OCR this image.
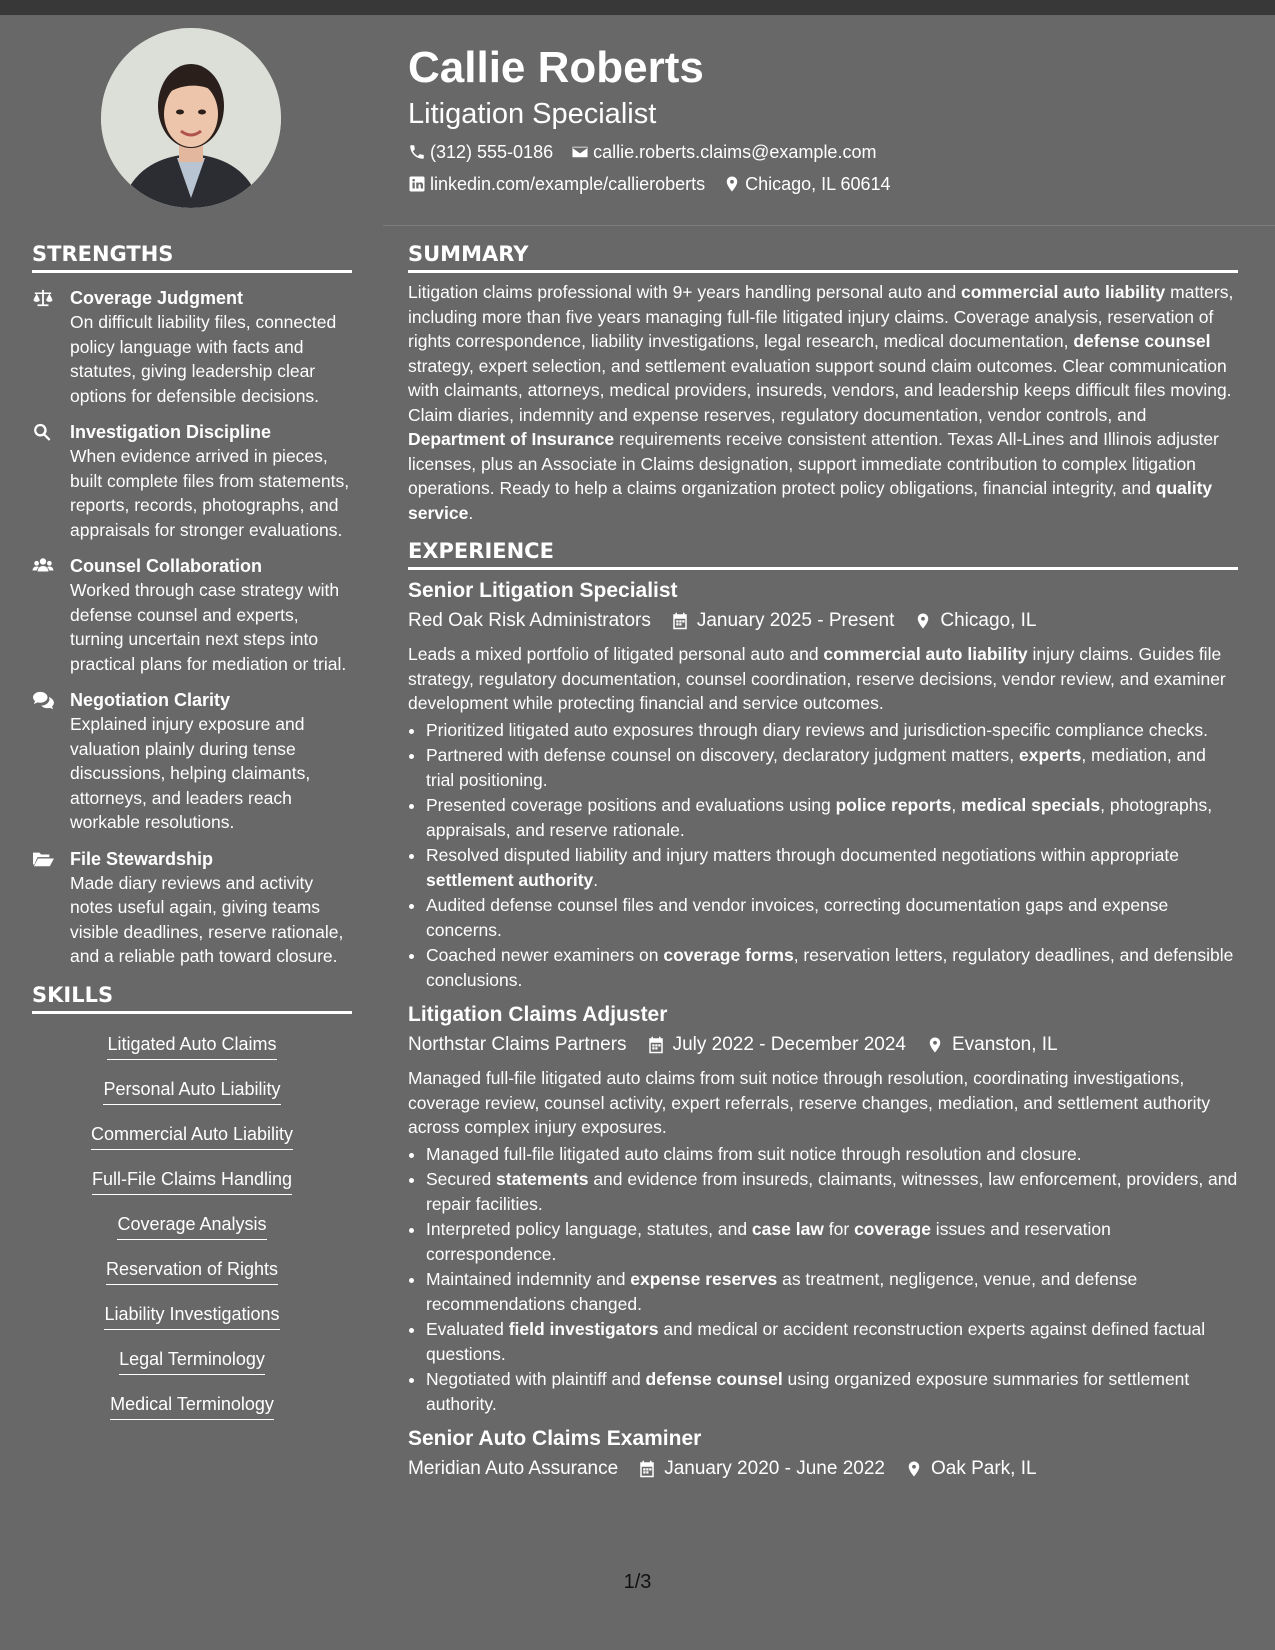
Callie Roberts
Litigation Specialist
(312) 555-0186 callie.roberts.claims@example.com
linkedin.com/example/callieroberts Chicago, IL 60614
STRENGTHS
Coverage Judgment
On difficult liability files, connected policy language with facts and statutes, giving leadership clear options for defensible decisions.
Investigation Discipline
When evidence arrived in pieces, built complete files from statements, reports, records, photographs, and appraisals for stronger evaluations.
Counsel Collaboration
Worked through case strategy with defense counsel and experts, turning uncertain next steps into practical plans for mediation or trial.
Negotiation Clarity
Explained injury exposure and valuation plainly during tense discussions, helping claimants, attorneys, and leaders reach workable resolutions.
File Stewardship
Made diary reviews and activity notes useful again, giving teams visible deadlines, reserve rationale, and a reliable path toward closure.
SKILLS
Litigated Auto Claims
Personal Auto Liability
Commercial Auto Liability
Full-File Claims Handling
Coverage Analysis
Reservation of Rights
Liability Investigations
Legal Terminology
Medical Terminology
SUMMARY

Litigation claims professional with 9+ years handling personal auto and commercial auto liability matters, including more than five years managing full-file litigated injury claims. Coverage analysis, reservation of rights correspondence, liability investigations, legal research, medical documentation, defense counsel strategy, expert selection, and settlement evaluation support sound claim outcomes. Clear communication with claimants, attorneys, medical providers, insureds, vendors, and leadership keeps difficult files moving. Claim diaries, indemnity and expense reserves, regulatory documentation, vendor controls, and Department of Insurance requirements receive consistent attention. Texas All-Lines and Illinois adjuster licenses, plus an Associate in Claims designation, support immediate contribution to complex litigation operations. Ready to help a claims organization protect policy obligations, financial integrity, and quality service.

EXPERIENCE
Senior Litigation Specialist
Red Oak Risk Administrators January 2025 - Present Chicago, IL

Leads a mixed portfolio of litigated personal auto and commercial auto liability injury claims. Guides file strategy, regulatory documentation, counsel coordination, reserve decisions, vendor review, and examiner development while protecting financial and service outcomes.

• Prioritized litigated auto exposures through diary reviews and jurisdiction-specific compliance checks.
• Partnered with defense counsel on discovery, declaratory judgment matters, experts, mediation, and trial positioning.
• Presented coverage positions and evaluations using police reports, medical specials, photographs, appraisals, and reserve rationale.
• Resolved disputed liability and injury matters through documented negotiations within appropriate settlement authority.
• Audited defense counsel files and vendor invoices, correcting documentation gaps and expense concerns.
• Coached newer examiners on coverage forms, reservation letters, regulatory deadlines, and defensible conclusions.
Litigation Claims Adjuster
Northstar Claims Partners July 2022 - December 2024 Evanston, IL

Managed full-file litigated auto claims from suit notice through resolution, coordinating investigations, coverage review, counsel activity, expert referrals, reserve changes, mediation, and settlement authority across complex injury exposures.

• Managed full-file litigated auto claims from suit notice through resolution and closure.
• Secured statements and evidence from insureds, claimants, witnesses, law enforcement, providers, and repair facilities.
• Interpreted policy language, statutes, and case law for coverage issues and reservation correspondence.
• Maintained indemnity and expense reserves as treatment, negligence, venue, and defense recommendations changed.
• Evaluated field investigators and medical or accident reconstruction experts against defined factual questions.
• Negotiated with plaintiff and defense counsel using organized exposure summaries for settlement authority.
Senior Auto Claims Examiner
Meridian Auto Assurance January 2020 - June 2022 Oak Park, IL
1/3
